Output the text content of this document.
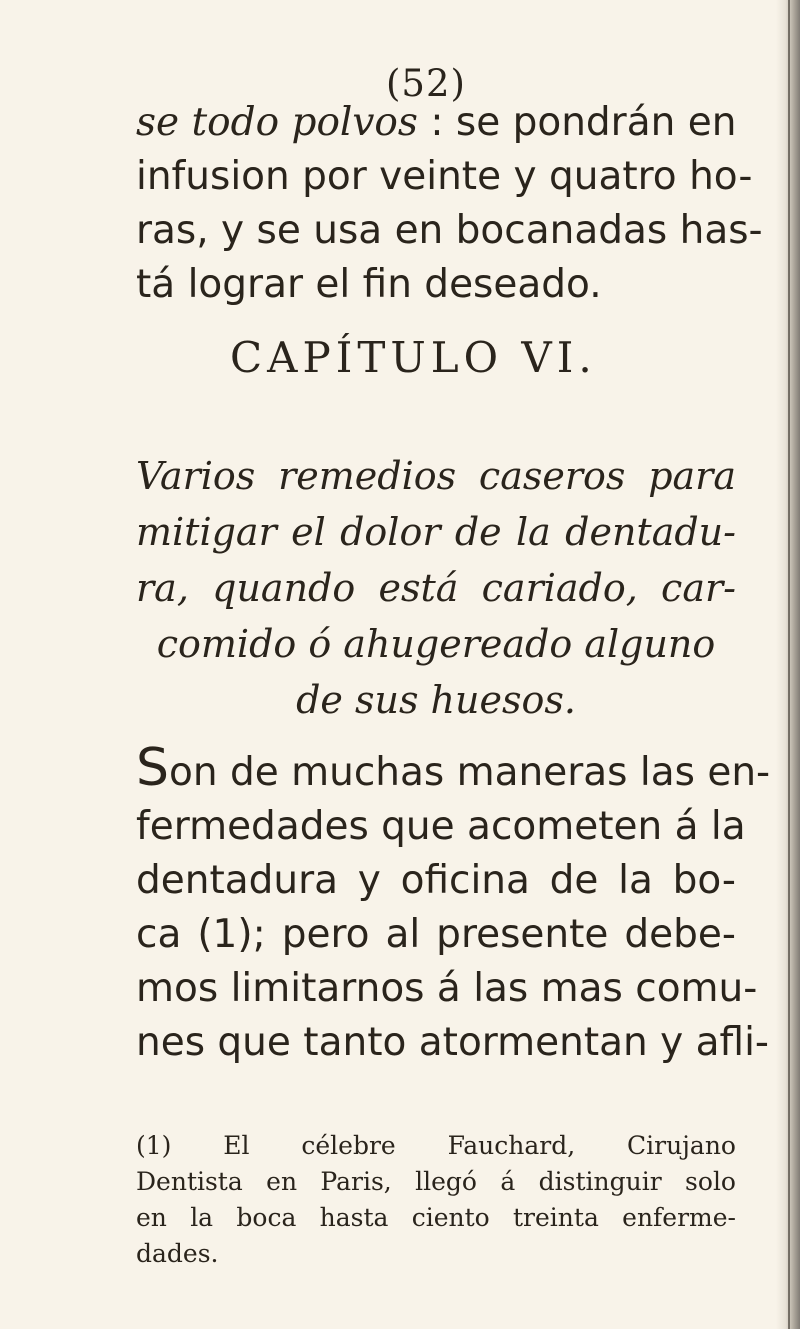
(52)
se todo polvos : se pondrán en
infusion por veinte y quatro ho-
ras, y se usa en bocanadas has-
tá lograr el fin deseado.
CAPÍTULO VI.
Varios remedios caseros para
mitigar el dolor de la dentadu-
ra, quando está cariado, car-
comido ó ahugereado alguno
de sus huesos.
Son de muchas maneras las en-
fermedades que acometen á la
dentadura y oficina de la bo-
ca (1); pero al presente debe-
mos limitarnos á las mas comu-
nes que tanto atormentan y afli-
(1) El célebre Fauchard, Cirujano
Dentista en Paris, llegó á distinguir solo
en la boca hasta ciento treinta enferme-
dades.
